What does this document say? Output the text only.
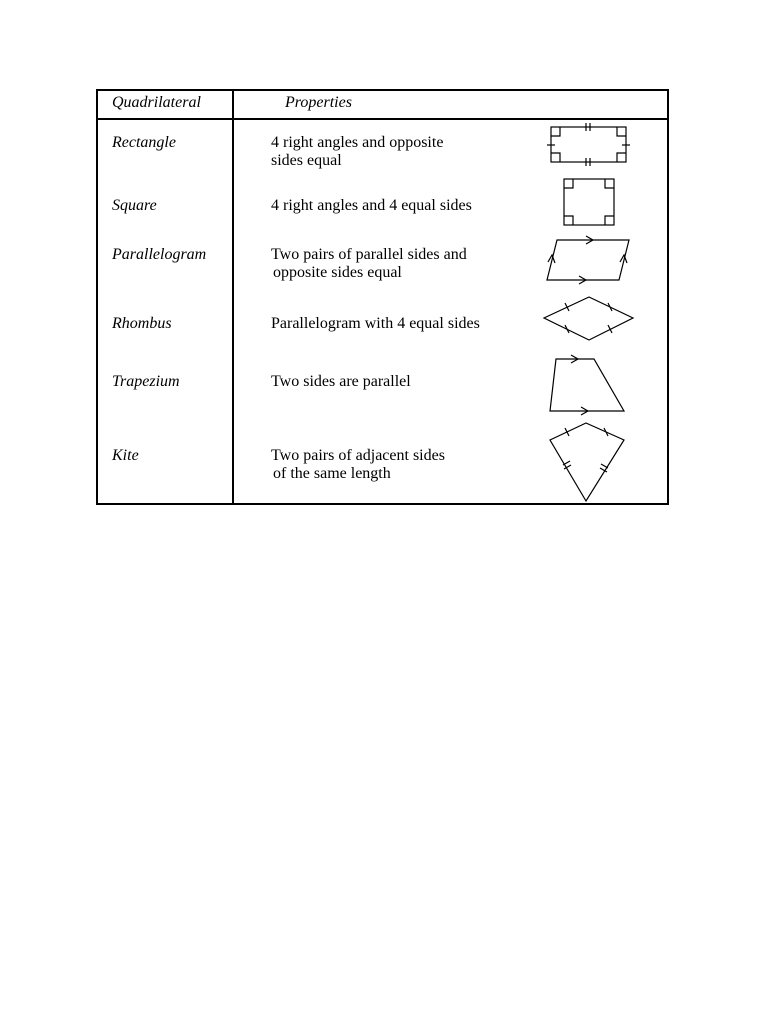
Quadrilateral	Properties
Rectangle	4 right angles and opposite
sides equal
Square	4 right angles and 4 equal sides
Parallelogram	Two pairs of parallel sides and
opposite sides equal
Rhombus	Parallelogram with 4 equal sides
Trapezium	Two sides are parallel
Kite	Two pairs of adjacent sides
of the same length
